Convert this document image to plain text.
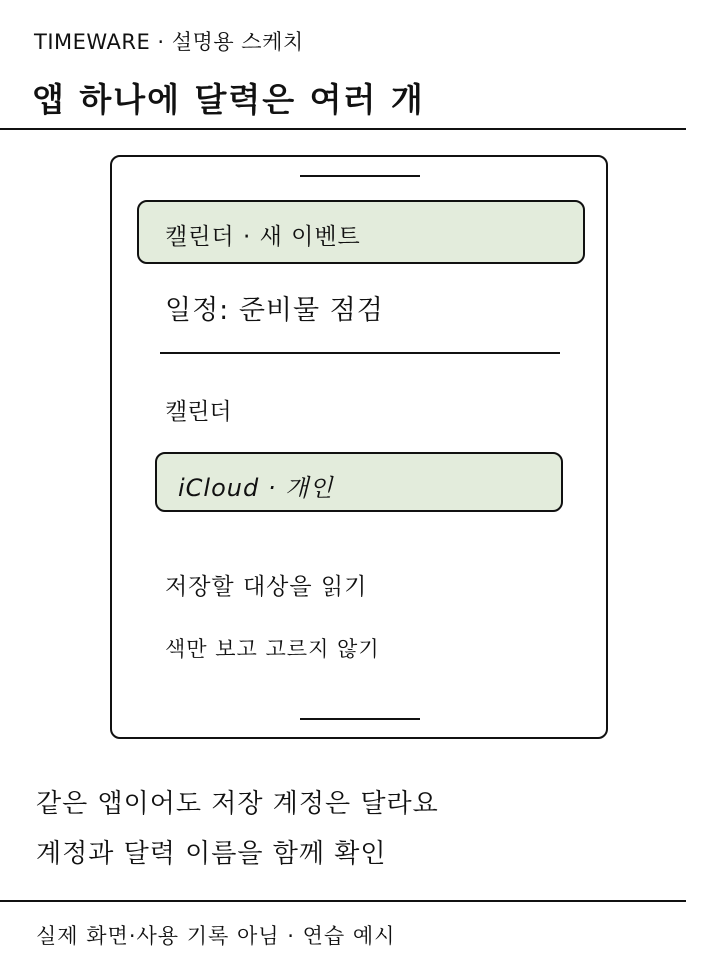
TIMEWARE · 설명용 스케치
앱 하나에 달력은 여러 개
캘린더 · 새 이벤트
일정: 준비물 점검
캘린더
iCloud · 개인
저장할 대상을 읽기
색만 보고 고르지 않기
같은 앱이어도 저장 계정은 달라요
계정과 달력 이름을 함께 확인
실제 화면·사용 기록 아님 · 연습 예시
